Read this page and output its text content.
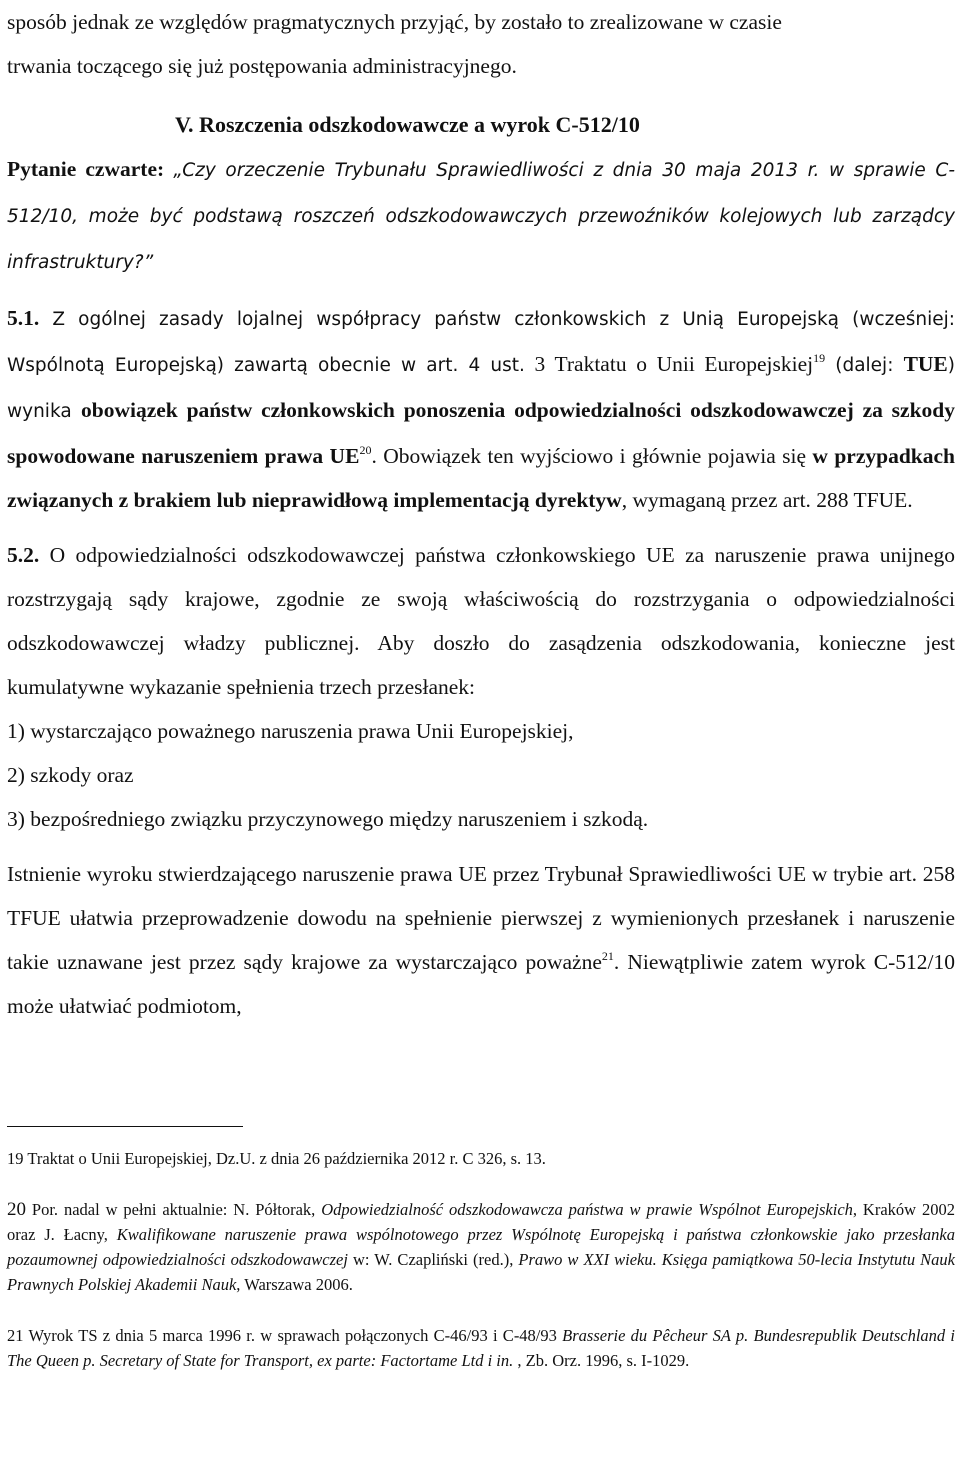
sposób jednak ze względów pragmatycznych przyjąć, by zostało to zrealizowane w czasie
trwania toczącego się już postępowania administracyjnego.

V. Roszczenia odszkodowawcze a wyrok C-512/10

Pytanie czwarte: „Czy orzeczenie Trybunału Sprawiedliwości z dnia 30 maja 2013 r. w sprawie C-512/10, może być podstawą roszczeń odszkodowawczych przewoźników kolejowych lub zarządcy infrastruktury?”

5.1. Z ogólnej zasady lojalnej współpracy państw członkowskich z Unią Europejską (wcześniej: Wspólnotą Europejską) zawartą obecnie w art. 4 ust. 3 Traktatu o Unii Europejskiej$^{19}$ (dalej: TUE) wynika obowiązek państw członkowskich ponoszenia odpowiedzialności odszkodowawczej za szkody spowodowane naruszeniem prawa UE$^{20}$. Obowiązek ten wyjściowo i głównie pojawia się w przypadkach związanych z brakiem lub nieprawidłową implementacją dyrektyw, wymaganą przez art. 288 TFUE.

5.2. O odpowiedzialności odszkodowawczej państwa członkowskiego UE za naruszenie prawa unijnego rozstrzygają sądy krajowe, zgodnie ze swoją właściwością do rozstrzygania o odpowiedzialności odszkodowawczej władzy publicznej. Aby doszło do zasądzenia odszkodowania, konieczne jest kumulatywne wykazanie spełnienia trzech przesłanek:

1) wystarczająco poważnego naruszenia prawa Unii Europejskiej,

2) szkody oraz

3) bezpośredniego związku przyczynowego między naruszeniem i szkodą.

Istnienie wyroku stwierdzającego naruszenie prawa UE przez Trybunał Sprawiedliwości UE w trybie art. 258 TFUE ułatwia przeprowadzenie dowodu na spełnienie pierwszej z wymienionych przesłanek i naruszenie takie uznawane jest przez sądy krajowe za wystarczająco poważne$^{21}$. Niewątpliwie zatem wyrok C-512/10 może ułatwiać podmiotom,

19 Traktat o Unii Europejskiej, Dz.U. z dnia 26 października 2012 r. C 326, s. 13.

20 Por. nadal w pełni aktualnie: N. Półtorak, Odpowiedzialność odszkodowawcza państwa w prawie Wspólnot Europejskich, Kraków 2002 oraz J. Łacny, Kwalifikowane naruszenie prawa wspólnotowego przez Wspólnotę Europejską i państwa członkowskie jako przesłanka pozaumownej odpowiedzialności odszkodowawczej w: W. Czapliński (red.), Prawo w XXI wieku. Księga pamiątkowa 50-lecia Instytutu Nauk Prawnych Polskiej Akademii Nauk, Warszawa 2006.

21 Wyrok TS z dnia 5 marca 1996 r. w sprawach połączonych C-46/93 i C-48/93 Brasserie du Pêcheur SA p. Bundesrepublik Deutschland i The Queen p. Secretary of State for Transport, ex parte: Factortame Ltd i in. , Zb. Orz. 1996, s. I-1029.
